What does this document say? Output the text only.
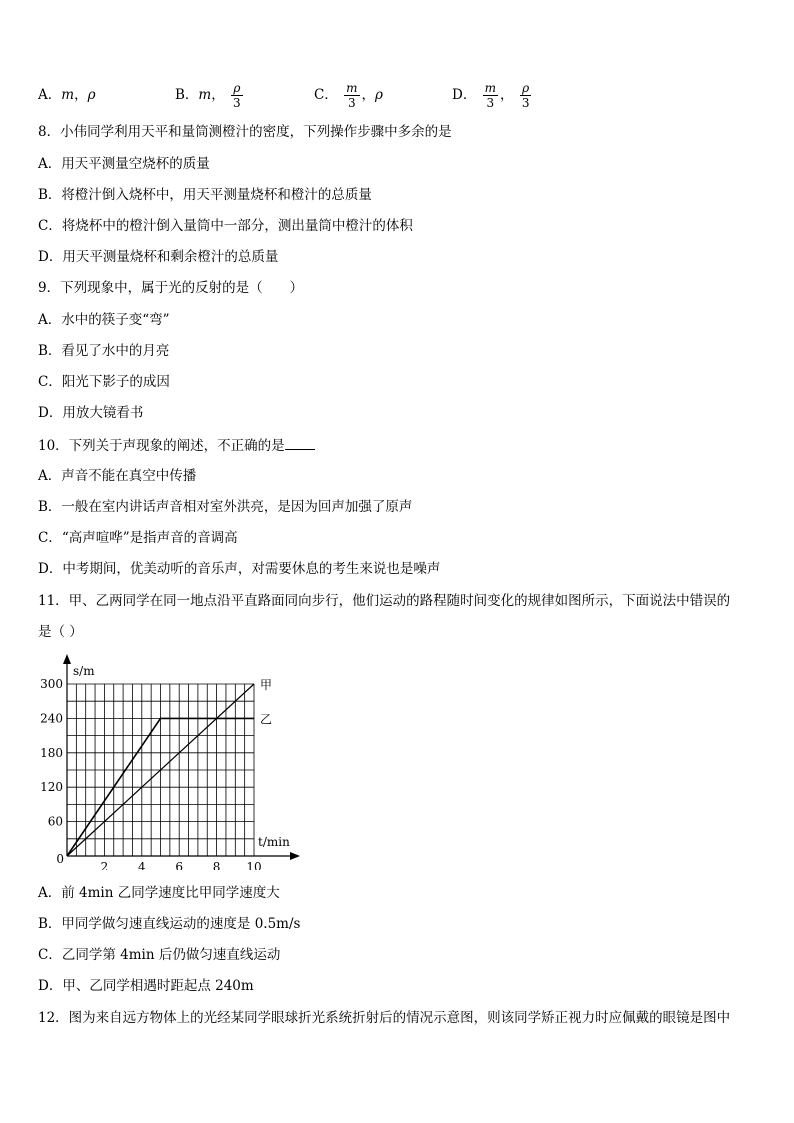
A．m，ρ	B．m， $\frac{\rho}{3}$	C． $\frac{m}{3}$ ，ρ	D． $\frac{m}{3}$ ， $\frac{\rho}{3}$
8．小伟同学利用天平和量筒测橙汁的密度，下列操作步骤中多余的是
A．用天平测量空烧杯的质量
B．将橙汁倒入烧杯中，用天平测量烧杯和橙汁的总质量
C．将烧杯中的橙汁倒入量筒中一部分，测出量筒中橙汁的体积
D．用天平测量烧杯和剩余橙汁的总质量
9．下列现象中，属于光的反射的是（　　）
A．水中的筷子变“弯”
B．看见了水中的月亮
C．阳光下影子的成因
D．用放大镜看书
10．下列关于声现象的阐述，不正确的是
A．声音不能在真空中传播
B．一般在室内讲话声音相对室外洪亮，是因为回声加强了原声
C．“高声喧哗”是指声音的音调高
D．中考期间，优美动听的音乐声，对需要休息的考生来说也是噪声
11．甲、乙两同学在同一地点沿平直路面同向步行，他们运动的路程随时间变化的规律如图所示，下面说法中错误的
是（ ）
0
2 4 6 8 10
60
120
180
240
300	甲
乙
s/m
t/min
A．前 4min 乙同学速度比甲同学速度大
B．甲同学做匀速直线运动的速度是 0.5m/s
C．乙同学第 4min 后仍做匀速直线运动
D．甲、乙同学相遇时距起点 240m
12．图为来自远方物体上的光经某同学眼球折光系统折射后的情况示意图，则该同学矫正视力时应佩戴的眼镜是图中
